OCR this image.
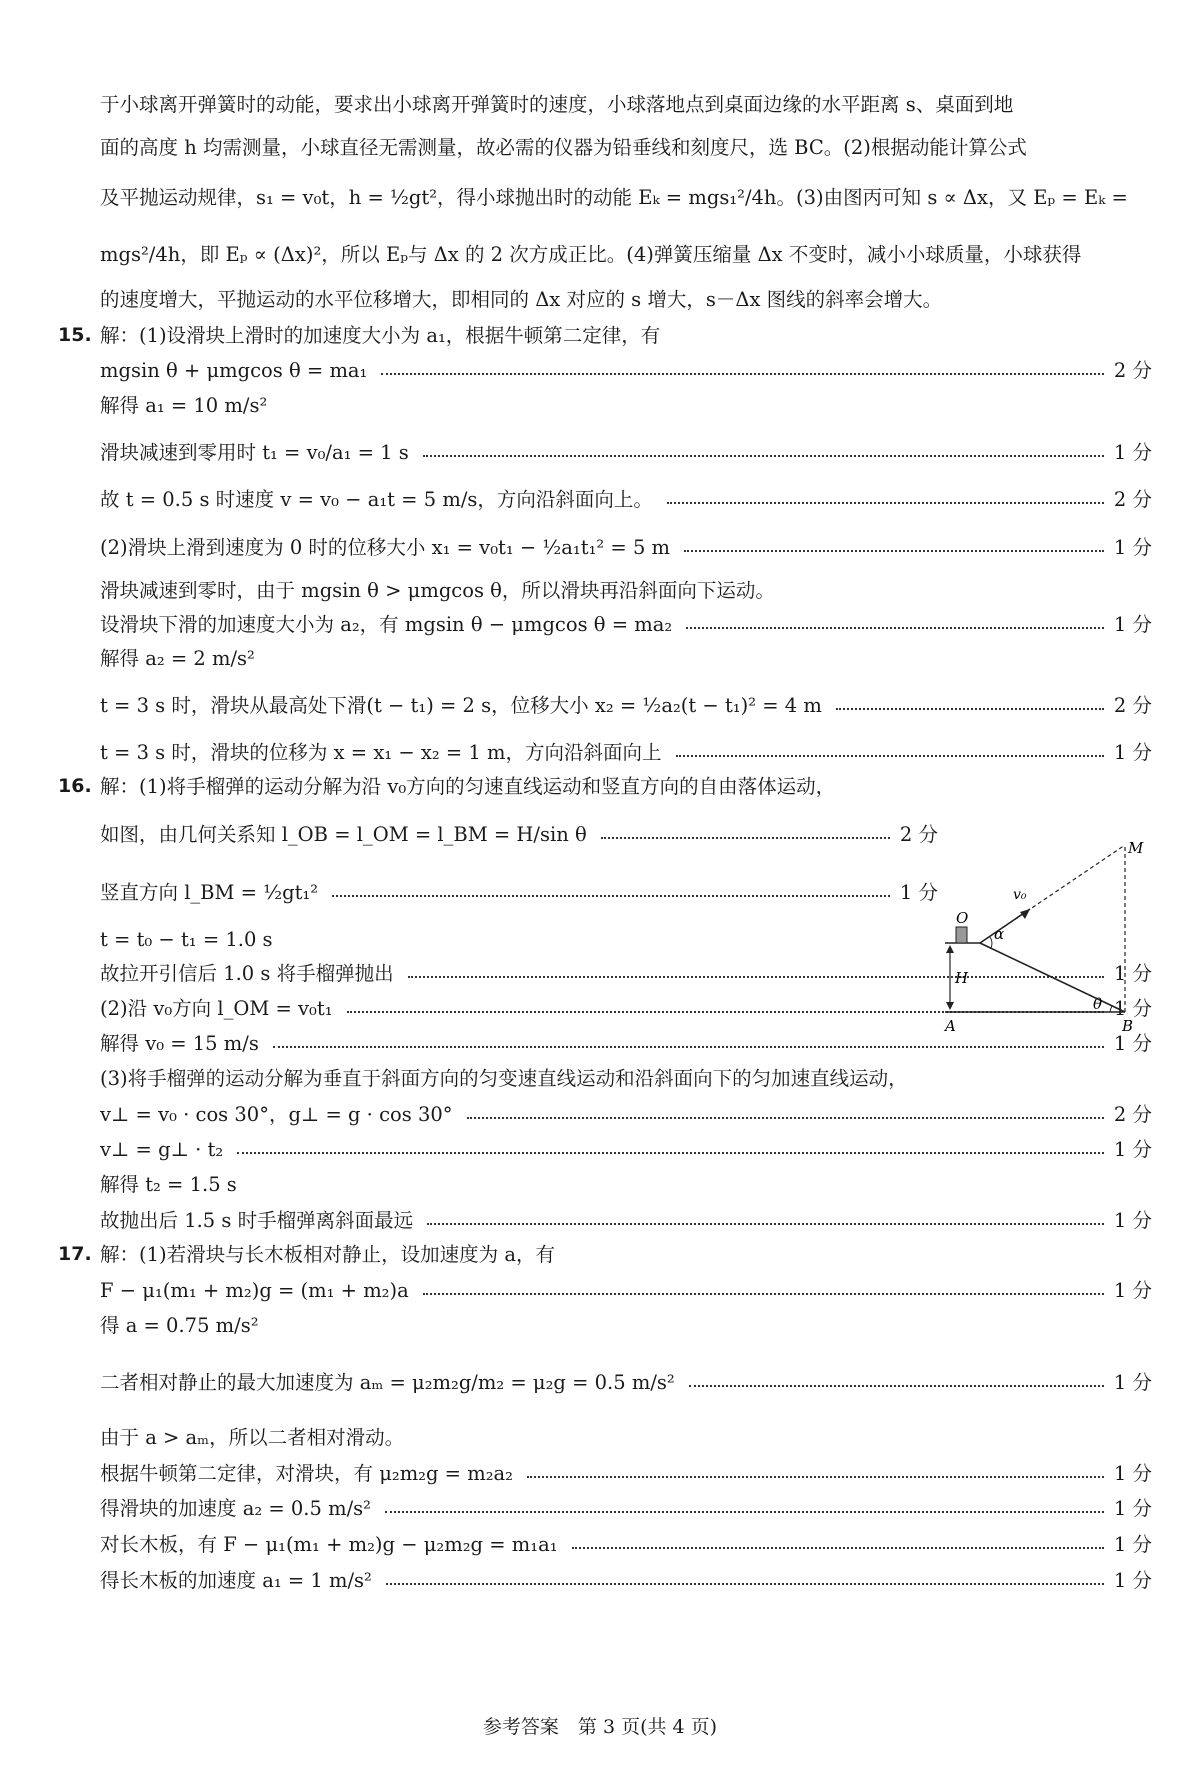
于小球离开弹簧时的动能，要求出小球离开弹簧时的速度，小球落地点到桌面边缘的水平距离 s、桌面到地
面的高度 h 均需测量，小球直径无需测量，故必需的仪器为铅垂线和刻度尺，选 BC。(2)根据动能计算公式
及平抛运动规律，s₁ = v₀t，h = ½gt²，得小球抛出时的动能 Eₖ = mgs₁²/4h。(3)由图丙可知 s ∝ Δx，又 Eₚ = Eₖ =
mgs²/4h，即 Eₚ ∝ (Δx)²，所以 Eₚ与 Δx 的 2 次方成正比。(4)弹簧压缩量 Δx 不变时，减小小球质量，小球获得
的速度增大，平抛运动的水平位移增大，即相同的 Δx 对应的 s 增大，s－Δx 图线的斜率会增大。
15. 解：(1)设滑块上滑时的加速度大小为 a₁，根据牛顿第二定律，有
mgsin θ + μmgcos θ = ma₁	2 分
解得 a₁ = 10 m/s²
滑块减速到零用时 t₁ = v₀/a₁ = 1 s	1 分
故 t = 0.5 s 时速度 v = v₀ − a₁t = 5 m/s，方向沿斜面向上。	2 分
(2)滑块上滑到速度为 0 时的位移大小 x₁ = v₀t₁ − ½a₁t₁² = 5 m	1 分
滑块减速到零时，由于 mgsin θ > μmgcos θ，所以滑块再沿斜面向下运动。
设滑块下滑的加速度大小为 a₂，有 mgsin θ − μmgcos θ = ma₂	1 分
解得 a₂ = 2 m/s²
t = 3 s 时，滑块从最高处下滑(t − t₁) = 2 s，位移大小 x₂ = ½a₂(t − t₁)² = 4 m	2 分
t = 3 s 时，滑块的位移为 x = x₁ − x₂ = 1 m，方向沿斜面向上	1 分
16. 解：(1)将手榴弹的运动分解为沿 v₀方向的匀速直线运动和竖直方向的自由落体运动，
如图，由几何关系知 l_OB = l_OM = l_BM = H/sin θ	2 分
竖直方向 l_BM = ½gt₁²	1 分
t = t₀ − t₁ = 1.0 s
故拉开引信后 1.0 s 将手榴弹抛出	1 分
(2)沿 v₀方向 l_OM = v₀t₁	1 分
解得 v₀ = 15 m/s	1 分
(3)将手榴弹的运动分解为垂直于斜面方向的匀变速直线运动和沿斜面向下的匀加速直线运动，
v⊥ = v₀ · cos 30°，g⊥ = g · cos 30°	2 分
v⊥ = g⊥ · t₂	1 分
解得 t₂ = 1.5 s
故抛出后 1.5 s 时手榴弹离斜面最远	1 分
M
v₀
O
α
H
θ
A	B
17. 解：(1)若滑块与长木板相对静止，设加速度为 a，有
F − μ₁(m₁ + m₂)g = (m₁ + m₂)a	1 分
得 a = 0.75 m/s²
二者相对静止的最大加速度为 aₘ = μ₂m₂g/m₂ = μ₂g = 0.5 m/s²	1 分
由于 a > aₘ，所以二者相对滑动。
根据牛顿第二定律，对滑块，有 μ₂m₂g = m₂a₂	1 分
得滑块的加速度 a₂ = 0.5 m/s²	1 分
对长木板，有 F − μ₁(m₁ + m₂)g − μ₂m₂g = m₁a₁	1 分
得长木板的加速度 a₁ = 1 m/s²	1 分
参考答案　第 3 页(共 4 页)
